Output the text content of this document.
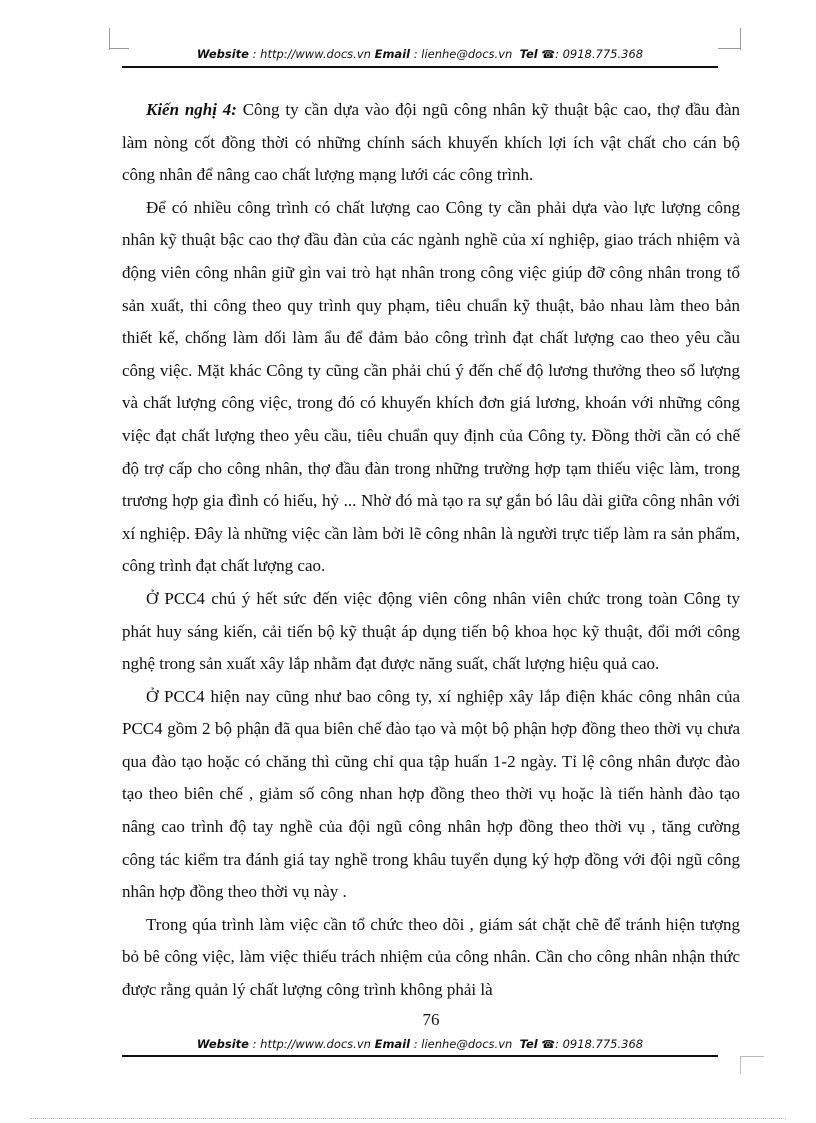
Website : http://www.docs.vn Email : lienhe@docs.vn Tel ☎: 0918.775.368

Kiến nghị 4: Công ty cần dựa vào đội ngũ công nhân kỹ thuật bậc cao, thợ đầu đàn làm nòng cốt đồng thời có những chính sách khuyến khích lợi ích vật chất cho cán bộ công nhân để nâng cao chất lượng mạng lưới các công trình.

Để có nhiều công trình có chất lượng cao Công ty cần phải dựa vào lực lượng công nhân kỹ thuật bậc cao thợ đầu đàn của các ngành nghề của xí nghiệp, giao trách nhiệm và động viên công nhân giữ gìn vai trò hạt nhân trong công việc giúp đỡ công nhân trong tổ sản xuất, thi công theo quy trình quy phạm, tiêu chuẩn kỹ thuật, bảo nhau làm theo bản thiết kế, chống làm dối làm ẩu để đảm bảo công trình đạt chất lượng cao theo yêu cầu công việc. Mặt khác Công ty cũng cần phải chú ý đến chế độ lương thưởng theo số lượng và chất lượng công việc, trong đó có khuyến khích đơn giá lương, khoán với những công việc đạt chất lượng theo yêu cầu, tiêu chuẩn quy định của Công ty. Đồng thời cần có chế độ trợ cấp cho công nhân, thợ đầu đàn trong những trường hợp tạm thiếu việc làm, trong trương hợp gia đình có hiếu, hỷ ... Nhờ đó mà tạo ra sự gắn bó lâu dài giữa công nhân với xí nghiệp. Đây là những việc cần làm bởi lẽ công nhân là người trực tiếp làm ra sản phẩm, công trình đạt chất lượng cao.

Ở PCC4 chú ý hết sức đến việc động viên công nhân viên chức trong toàn Công ty phát huy sáng kiến, cải tiến bộ kỹ thuật áp dụng tiến bộ khoa học kỹ thuật, đổi mới công nghệ trong sản xuất xây lắp nhằm đạt được năng suất, chất lượng hiệu quả cao.

Ở PCC4 hiện nay cũng như bao công ty, xí nghiệp xây lắp điện khác công nhân của PCC4 gồm 2 bộ phận đã qua biên chế đào tạo và một bộ phận hợp đồng theo thời vụ chưa qua đào tạo hoặc có chăng thì cũng chỉ qua tập huấn 1-2 ngày. Tỉ lệ công nhân được đào tạo theo biên chế , giảm số công nhan hợp đồng theo thời vụ hoặc là tiến hành đào tạo nâng cao trình độ tay nghề của đội ngũ công nhân hợp đồng theo thời vụ , tăng cường công tác kiểm tra đánh giá tay nghề trong khâu tuyển dụng ký hợp đồng với đội ngũ công nhân hợp đồng theo thời vụ này .

Trong qúa trình làm việc cần tổ chức theo dõi , giám sát chặt chẽ để tránh hiện tượng bỏ bê công việc, làm việc thiếu trách nhiệm của công nhân. Cần cho công nhân nhận thức được rằng quản lý chất lượng công trình không phải là

76
Website : http://www.docs.vn Email : lienhe@docs.vn Tel ☎: 0918.775.368
